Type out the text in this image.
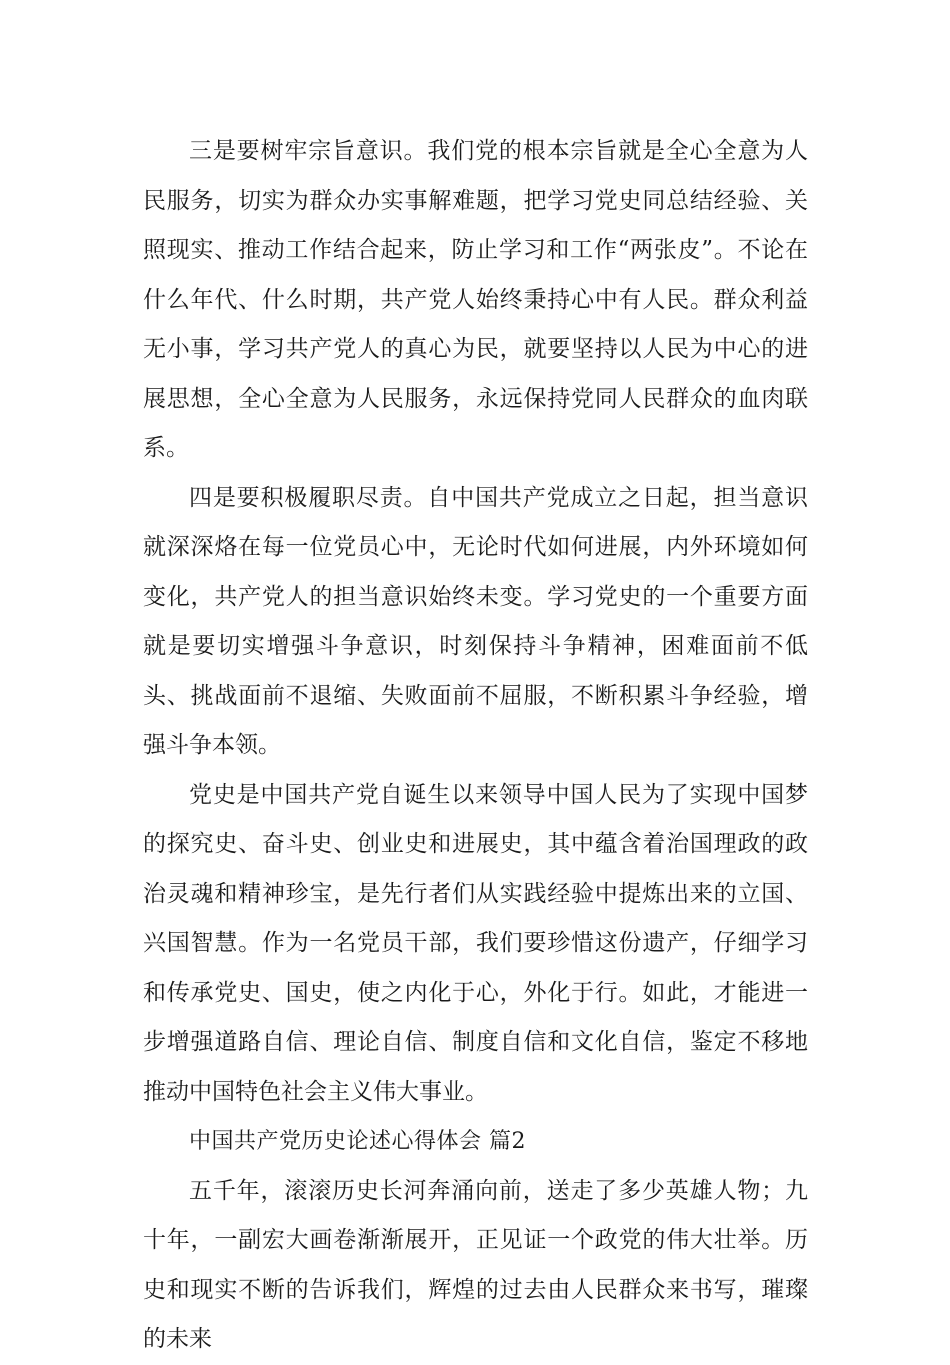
三是要树牢宗旨意识。我们党的根本宗旨就是全心全意为人民服务，切实为群众办实事解难题，把学习党史同总结经验、关照现实、推动工作结合起来，防止学习和工作“两张皮”。不论在什么年代、什么时期，共产党人始终秉持心中有人民。群众利益无小事，学习共产党人的真心为民，就要坚持以人民为中心的进展思想，全心全意为人民服务，永远保持党同人民群众的血肉联系。

四是要积极履职尽责。自中国共产党成立之日起，担当意识就深深烙在每一位党员心中，无论时代如何进展，内外环境如何变化，共产党人的担当意识始终未变。学习党史的一个重要方面就是要切实增强斗争意识，时刻保持斗争精神，困难面前不低头、挑战面前不退缩、失败面前不屈服，不断积累斗争经验，增强斗争本领。

党史是中国共产党自诞生以来领导中国人民为了实现中国梦的探究史、奋斗史、创业史和进展史，其中蕴含着治国理政的政治灵魂和精神珍宝，是先行者们从实践经验中提炼出来的立国、兴国智慧。作为一名党员干部，我们要珍惜这份遗产，仔细学习和传承党史、国史，使之内化于心，外化于行。如此，才能进一步增强道路自信、理论自信、制度自信和文化自信，鉴定不移地推动中国特色社会主义伟大事业。

中国共产党历史论述心得体会 篇2

五千年，滚滚历史长河奔涌向前，送走了多少英雄人物；九十年，一副宏大画卷渐渐展开，正见证一个政党的伟大壮举。历史和现实不断的告诉我们，辉煌的过去由人民群众来书写，璀璨的未来
